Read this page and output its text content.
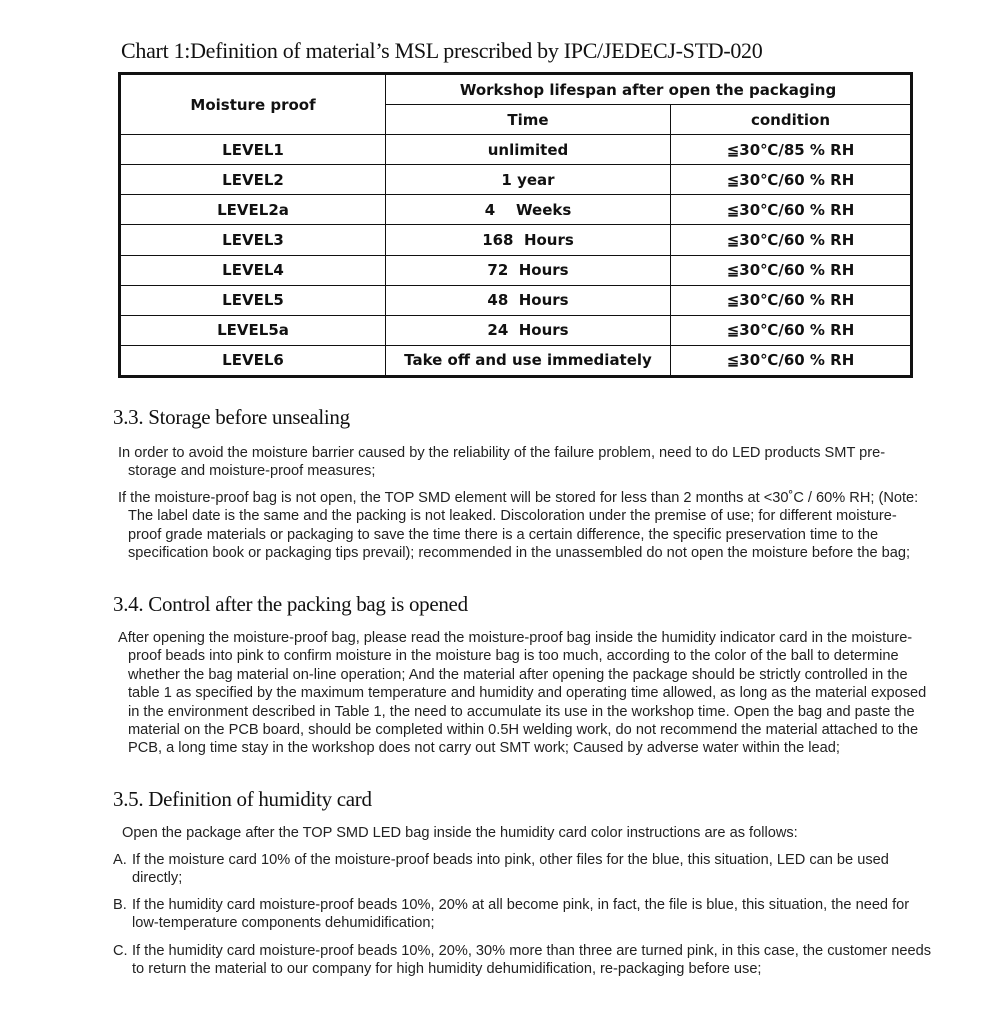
Chart 1:Definition of material’s MSL prescribed by IPC/JEDECJ-STD-020
Moisture proof	Workshop lifespan after open the packaging	
	Time	condition
LEVEL1	unlimited	≦30℃/85 % RH
LEVEL2	1 year	≦30℃/60 % RH
LEVEL2a	4    Weeks	≦30℃/60 % RH
LEVEL3	168  Hours	≦30℃/60 % RH
LEVEL4	72  Hours	≦30℃/60 % RH
LEVEL5	48  Hours	≦30℃/60 % RH
LEVEL5a	24  Hours	≦30℃/60 % RH
LEVEL6	Take off and use immediately	≦30℃/60 % RH
3.3. Storage before unsealing
In order to avoid the moisture barrier caused by the reliability of the failure problem, need to do LED products SMT pre-storage and moisture-proof measures;
If the moisture-proof bag is not open, the TOP SMD element will be stored for less than 2 months at <30˚C / 60% RH; (Note: The label date is the same and the packing is not leaked. Discoloration under the premise of use; for different moisture-proof grade materials or packaging to save the time there is a certain difference, the specific preservation time to the specification book or packaging tips prevail); recommended in the unassembled do not open the moisture before the bag;
3.4. Control after the packing bag is opened
After opening the moisture-proof bag, please read the moisture-proof bag inside the humidity indicator card in the moisture-proof beads into pink to confirm moisture in the moisture bag is too much, according to the color of the ball to determine whether the bag material on-line operation; And the material after opening the package should be strictly controlled in the table 1 as specified by the maximum temperature and humidity and operating time allowed, as long as the material exposed in the environment described in Table 1, the need to accumulate its use in the workshop time. Open the bag and paste the material on the PCB board, should be completed within 0.5H welding work, do not recommend the material attached to the PCB, a long time stay in the workshop does not carry out SMT work; Caused by adverse water within the lead;
3.5. Definition of humidity card
Open the package after the TOP SMD LED bag inside the humidity card color instructions are as follows:
A. If the moisture card 10% of the moisture-proof beads into pink, other files for the blue, this situation, LED can be used directly;
B. If the humidity card moisture-proof beads 10%, 20% at all become pink, in fact, the file is blue, this situation, the need for low-temperature components dehumidification;
C. If the humidity card moisture-proof beads 10%, 20%, 30% more than three are turned pink, in this case, the customer needs to return the material to our company for high humidity dehumidification, re-packaging before use;
